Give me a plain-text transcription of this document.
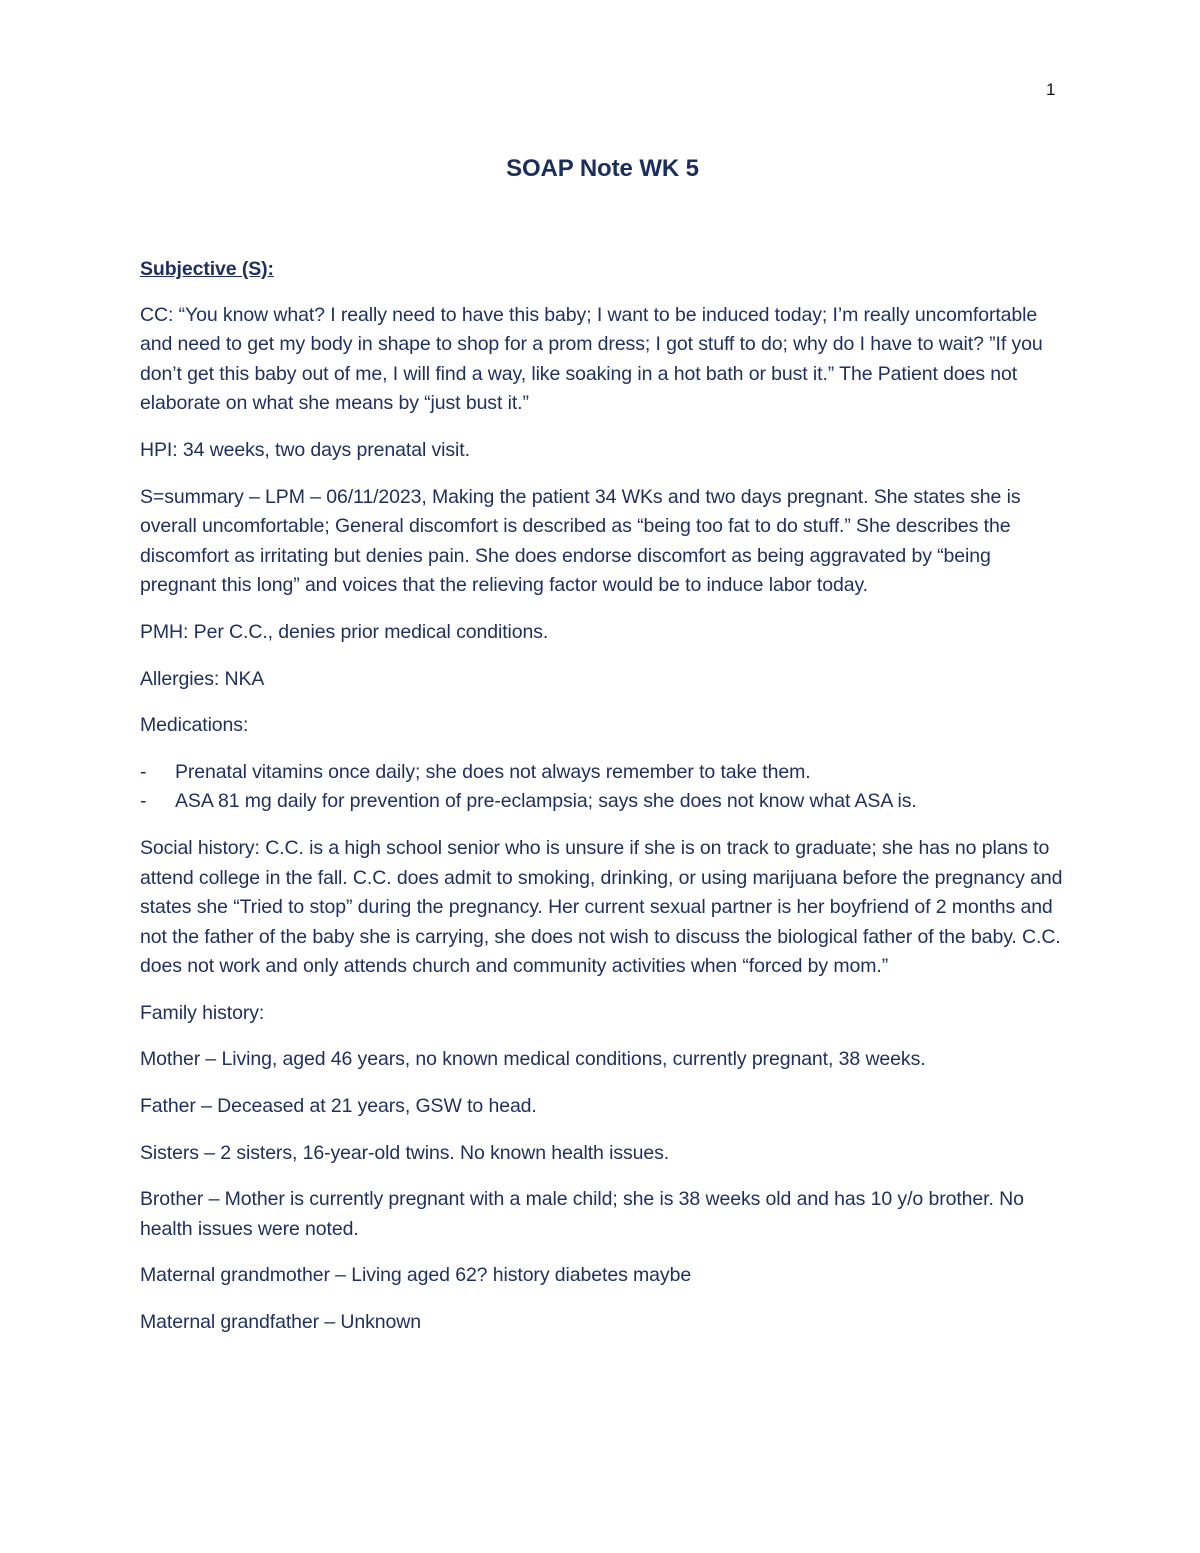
1
SOAP Note WK 5
Subjective (S):

CC: “You know what? I really need to have this baby; I want to be induced today; I’m really uncomfortable and need to get my body in shape to shop for a prom dress; I got stuff to do; why do I have to wait? ”If you don’t get this baby out of me, I will find a way, like soaking in a hot bath or bust it.” The Patient does not elaborate on what she means by “just bust it.”

HPI: 34 weeks, two days prenatal visit.

S=summary – LPM – 06/11/2023, Making the patient 34 WKs and two days pregnant. She states she is overall uncomfortable; General discomfort is described as “being too fat to do stuff.” She describes the discomfort as irritating but denies pain. She does endorse discomfort as being aggravated by “being pregnant this long” and voices that the relieving factor would be to induce labor today.

PMH: Per C.C., denies prior medical conditions.

Allergies: NKA

Medications:

- Prenatal vitamins once daily; she does not always remember to take them.
- ASA 81 mg daily for prevention of pre-eclampsia; says she does not know what ASA is.

Social history: C.C. is a high school senior who is unsure if she is on track to graduate; she has no plans to attend college in the fall. C.C. does admit to smoking, drinking, or using marijuana before the pregnancy and states she “Tried to stop” during the pregnancy. Her current sexual partner is her boyfriend of 2 months and not the father of the baby she is carrying, she does not wish to discuss the biological father of the baby. C.C. does not work and only attends church and community activities when “forced by mom.”

Family history:

Mother – Living, aged 46 years, no known medical conditions, currently pregnant, 38 weeks.

Father – Deceased at 21 years, GSW to head.

Sisters – 2 sisters, 16-year-old twins. No known health issues.

Brother – Mother is currently pregnant with a male child; she is 38 weeks old and has 10 y/o brother. No health issues were noted.

Maternal grandmother – Living aged 62? history diabetes maybe

Maternal grandfather – Unknown
